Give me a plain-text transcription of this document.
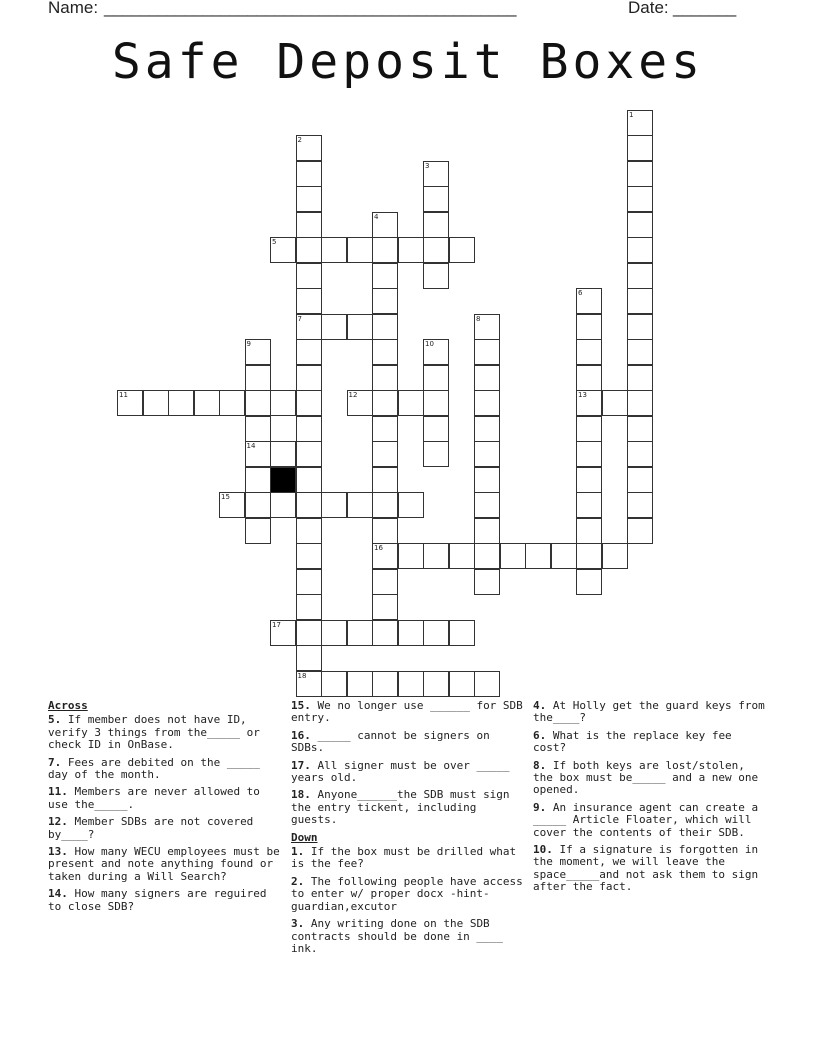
Name: ______________________________________________	Date: _______
Safe Deposit Boxes
1
2
7
18
3
4
16
6
13
8
9
14
10
5
11	12
15
17
Across
5. If member does not have ID, verify 3 things from the_____ or check ID in OnBase.
7. Fees are debited on the _____ day of the month.
11. Members are never allowed to use the_____.
12. Member SDBs are not covered by____?
13. How many WECU employees must be present and note anything found or taken during a Will Search?
14. How many signers are reguired to close SDB?
15. We no longer use ______ for SDB entry.
16. _____ cannot be signers on SDBs.
17. All signer must be over _____ years old.
18. Anyone______the SDB must sign the entry tickent, including guests.
Down
1. If the box must be drilled what is the fee?
2. The following people have access to enter w/ proper docx -hint- guardian,excutor
3. Any writing done on the SDB contracts should be done in ____ ink.
4. At Holly get the guard keys from the____?
6. What is the replace key fee cost?
8. If both keys are lost/stolen, the box must be_____ and a new one opened.
9. An insurance agent can create a _____ Article Floater, which will cover the contents of their SDB.
10. If a signature is forgotten in the moment, we will leave the space_____and not ask them to sign after the fact.
